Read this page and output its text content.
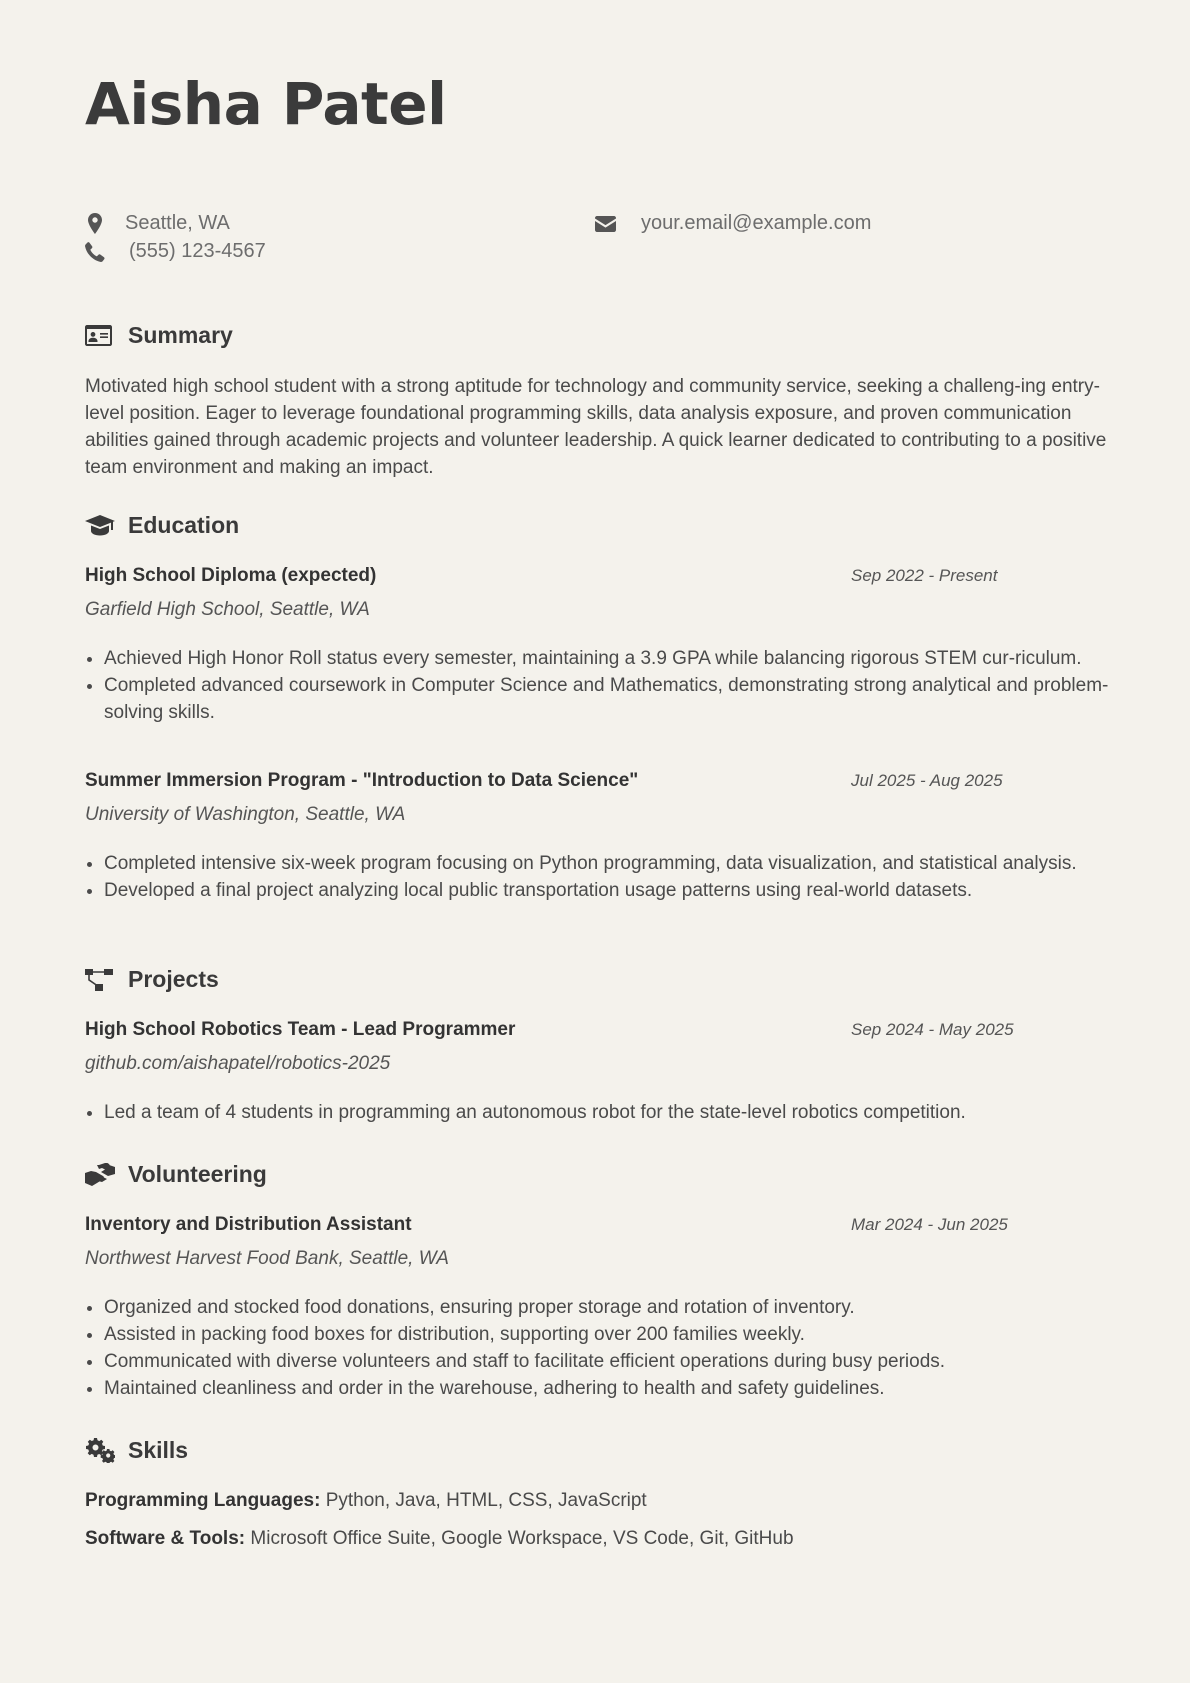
Aisha Patel
Seattle, WA
(555) 123-4567
your.email@example.com
Summary

Motivated high school student with a strong aptitude for technology and community service, seeking a challeng-ing entry-level position. Eager to leverage foundational programming skills, data analysis exposure, and proven communication abilities gained through academic projects and volunteer leadership. A quick learner dedicated to contributing to a positive team environment and making an impact.

Education
High School Diploma (expected)	Sep 2022 - Present
Garfield High School, Seattle, WA
• Achieved High Honor Roll status every semester, maintaining a 3.9 GPA while balancing rigorous STEM cur-riculum.
• Completed advanced coursework in Computer Science and Mathematics, demonstrating strong analytical and problem-solving skills.
Summer Immersion Program - "Introduction to Data Science"	Jul 2025 - Aug 2025
University of Washington, Seattle, WA
• Completed intensive six-week program focusing on Python programming, data visualization, and statistical analysis.
• Developed a final project analyzing local public transportation usage patterns using real-world datasets.
Projects
High School Robotics Team - Lead Programmer	Sep 2024 - May 2025
github.com/aishapatel/robotics-2025
• Led a team of 4 students in programming an autonomous robot for the state-level robotics competition.
Volunteering
Inventory and Distribution Assistant	Mar 2024 - Jun 2025
Northwest Harvest Food Bank, Seattle, WA
• Organized and stocked food donations, ensuring proper storage and rotation of inventory.
• Assisted in packing food boxes for distribution, supporting over 200 families weekly.
• Communicated with diverse volunteers and staff to facilitate efficient operations during busy periods.
• Maintained cleanliness and order in the warehouse, adhering to health and safety guidelines.
Skills
Programming Languages: Python, Java, HTML, CSS, JavaScript
Software & Tools: Microsoft Office Suite, Google Workspace, VS Code, Git, GitHub
